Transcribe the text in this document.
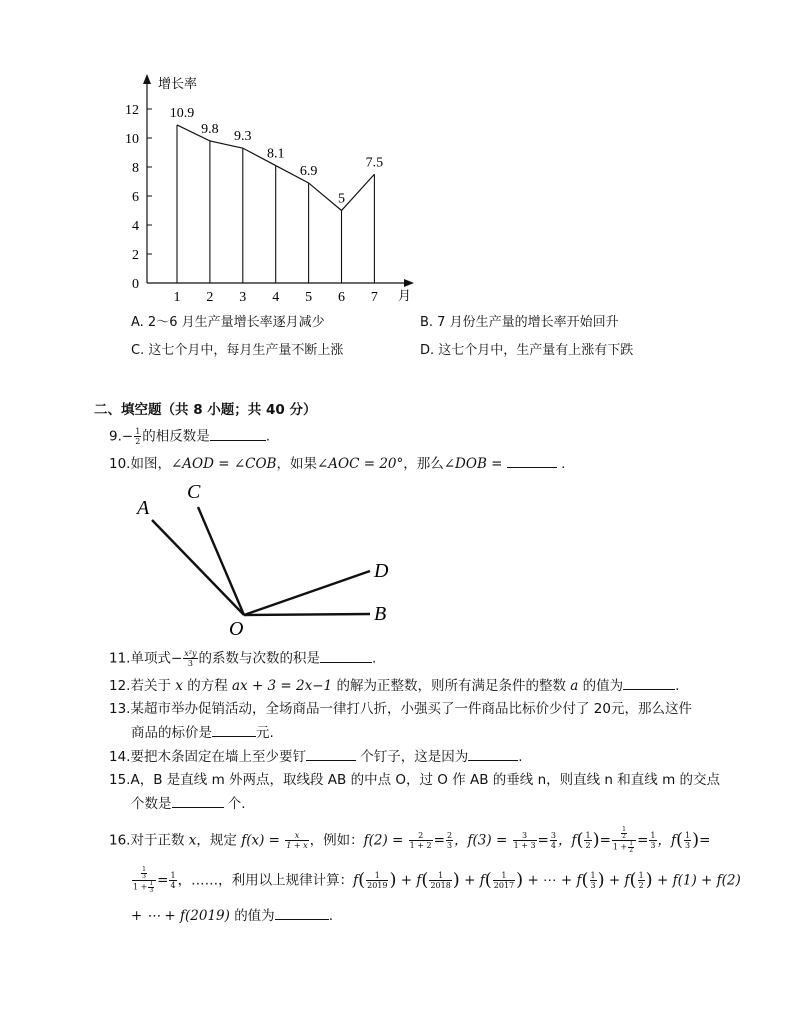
0
2
4
6
8
10
12
1 2 3 4 5 6 7
10.9
9.8 9.3
8.1
6.9
5
7.5
增长率
月
A. 2～6 月生产量增长率逐月减少	B. 7 月份生产量的增长率开始回升
C. 这七个月中，每月生产量不断上涨	D. 这七个月中，生产量有上涨有下跌
二、填空题（共 8 小题；共 40 分）
$9.- \frac{1}{2}$ 的相反数是	.
10.如图，∠AOD = ∠COB，如果∠AOC = 20°，那么∠DOB =	.
A
C
D
O
B
11.单项式− $\frac{\text{x²y}}{3}$ 的系数与次数的积是	.
12.若关于 x 的方程 ax + 3 = 2x−1 的解为正整数，则所有满足条件的整数 a 的值为	.
13.某超市举办促销活动，全场商品一律打八折，小强买了一件商品比标价少付了 20元，那么这件
商品的标价是	元.
14.要把木条固定在墙上至少要钉	个钉子，这是因为	.
15.A，B 是直线 m 外两点，取线段 AB 的中点 O，过 O 作 AB 的垂线 n，则直线 n 和直线 m 的交点
个数是	个.
16.对于正数 x，规定 $f(x) = \frac{x}{1 + x}$ ，例如：$f(2) = \frac{2}{1 + 2} = \frac{2}{3}$ ，$f(3) = \frac{3}{1 + 3} = \frac{3}{4}$ ，$f( \frac{1}{2}$ )= $\frac{\frac{1}{2}}{1 + \frac{1}{2}} = \frac{1}{3}$ ，$f( \frac{1}{3}$ )=
$\frac{\frac{1}{3}}{1 + \frac{1}{3}} = \frac{1}{4}$ ，……，利用以上规律计算：$f( \frac{1}{2019}$ ) + $f( \frac{1}{2018}$ ) + $f( \frac{1}{2017}$ ) + ⋯ + $f( \frac{1}{3}$ ) + $f( \frac{1}{2}$ ) + f(1) + f(2)
+ ⋯ + f(2019) 的值为	.
